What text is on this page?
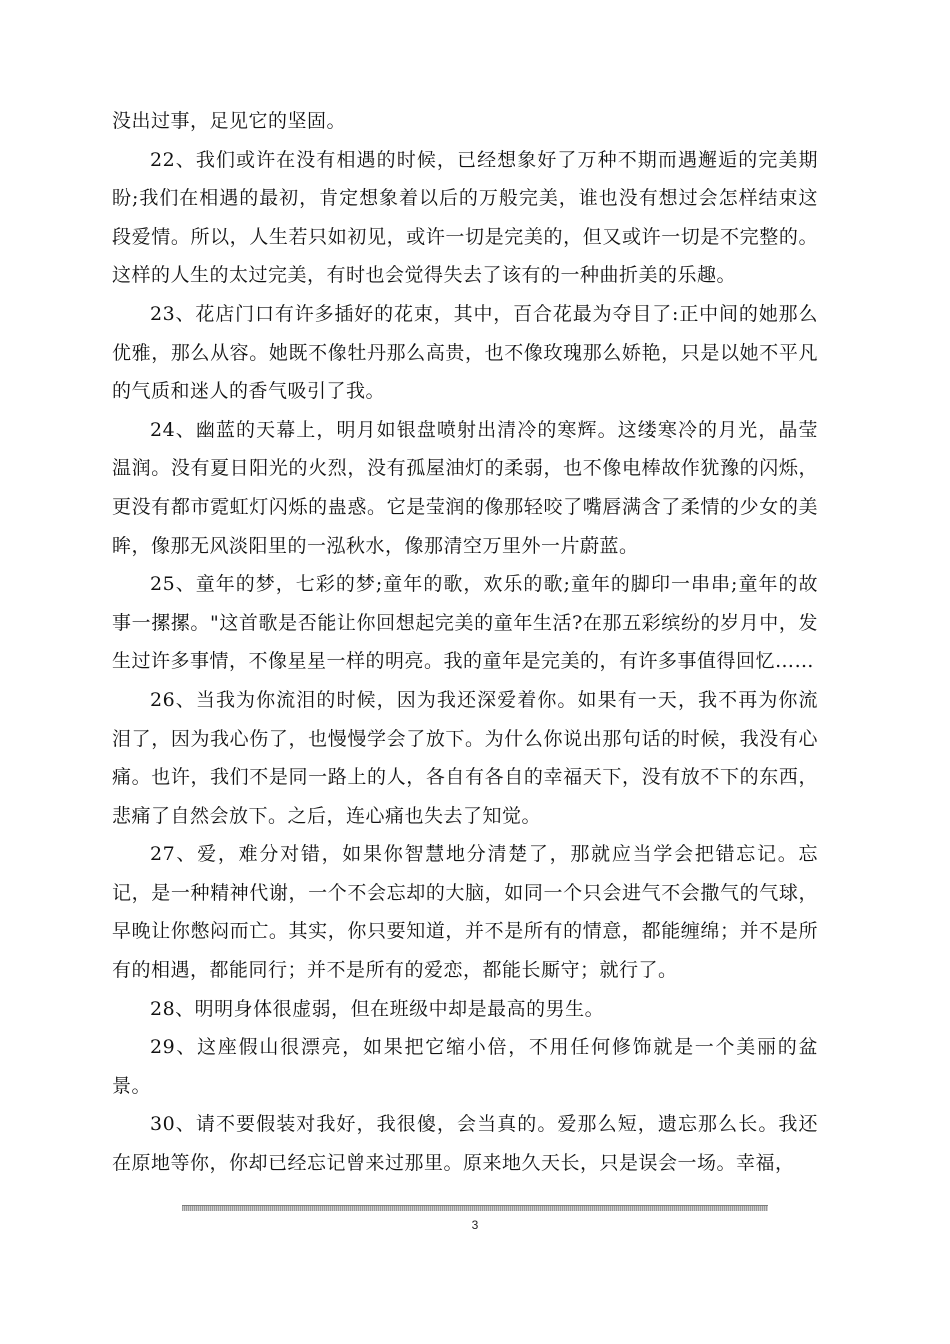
没出过事，足见它的坚固。

22、我们或许在没有相遇的时候，已经想象好了万种不期而遇邂逅的完美期盼;我们在相遇的最初，肯定想象着以后的万般完美，谁也没有想过会怎样结束这段爱情。所以，人生若只如初见，或许一切是完美的，但又或许一切是不完整的。这样的人生的太过完美，有时也会觉得失去了该有的一种曲折美的乐趣。

23、花店门口有许多插好的花束，其中，百合花最为夺目了:正中间的她那么优雅，那么从容。她既不像牡丹那么高贵，也不像玫瑰那么娇艳，只是以她不平凡的气质和迷人的香气吸引了我。

24、幽蓝的天幕上，明月如银盘喷射出清冷的寒辉。这缕寒冷的月光，晶莹温润。没有夏日阳光的火烈，没有孤屋油灯的柔弱，也不像电棒故作犹豫的闪烁，更没有都市霓虹灯闪烁的蛊惑。它是莹润的像那轻咬了嘴唇满含了柔情的少女的美眸，像那无风淡阳里的一泓秋水，像那清空万里外一片蔚蓝。

25、童年的梦，七彩的梦;童年的歌，欢乐的歌;童年的脚印一串串;童年的故事一摞摞。"这首歌是否能让你回想起完美的童年生活?在那五彩缤纷的岁月中，发生过许多事情，不像星星一样的明亮。我的童年是完美的，有许多事值得回忆……

26、当我为你流泪的时候，因为我还深爱着你。如果有一天，我不再为你流泪了，因为我心伤了，也慢慢学会了放下。为什么你说出那句话的时候，我没有心痛。也许，我们不是同一路上的人，各自有各自的幸福天下，没有放不下的东西，悲痛了自然会放下。之后，连心痛也失去了知觉。

27、爱，难分对错，如果你智慧地分清楚了，那就应当学会把错忘记。忘记，是一种精神代谢，一个不会忘却的大脑，如同一个只会进气不会撒气的气球，早晚让你憋闷而亡。其实，你只要知道，并不是所有的情意，都能缠绵；并不是所有的相遇，都能同行；并不是所有的爱恋，都能长厮守；就行了。

28、明明身体很虚弱，但在班级中却是最高的男生。

29、这座假山很漂亮，如果把它缩小倍，不用任何修饰就是一个美丽的盆景。

30、请不要假装对我好，我很傻，会当真的。爱那么短，遗忘那么长。我还在原地等你，你却已经忘记曾来过那里。原来地久天长，只是误会一场。幸福，

3
